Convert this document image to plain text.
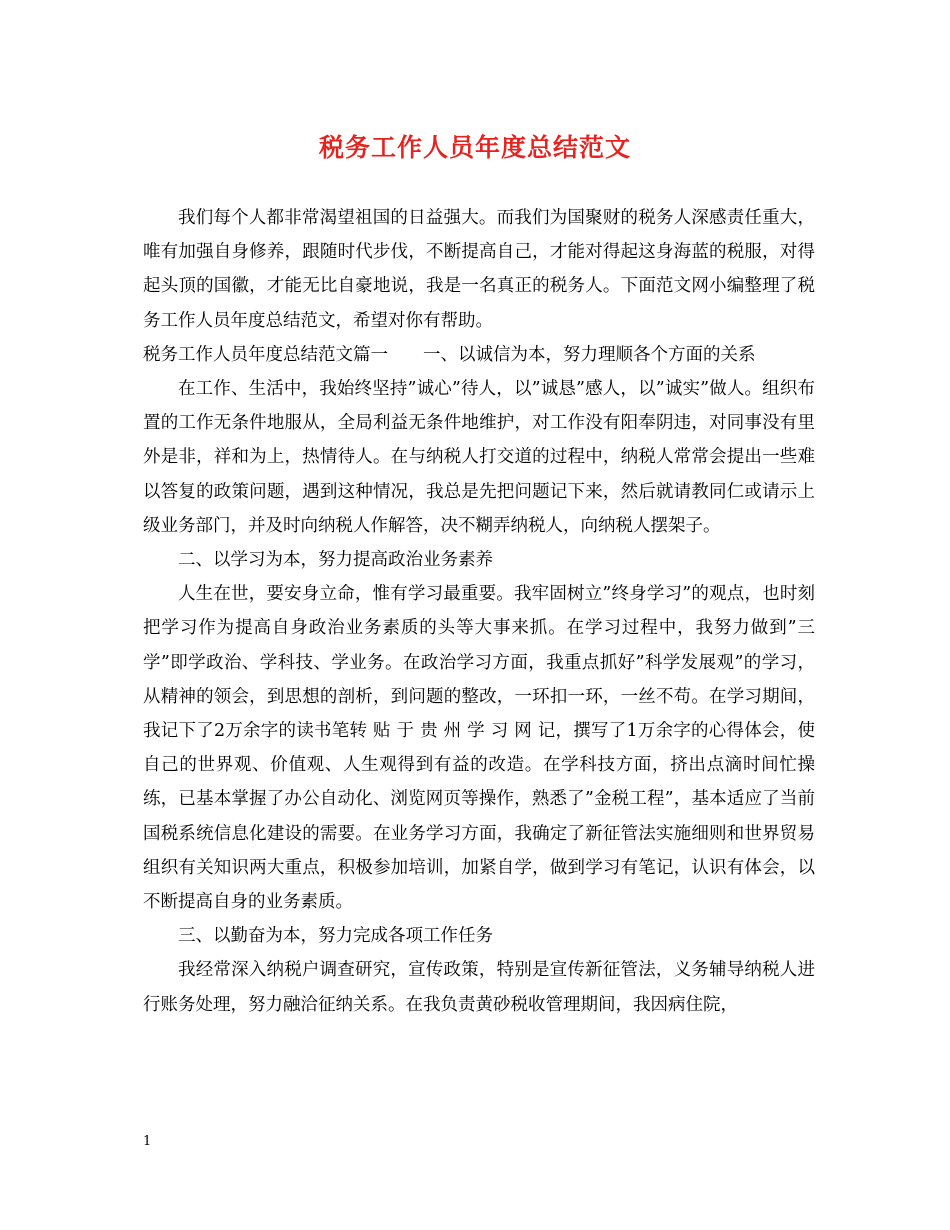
税务工作人员年度总结范文

我们每个人都非常渴望祖国的日益强大。而我们为国聚财的税务人深感责任重大，唯有加强自身修养，跟随时代步伐，不断提高自己，才能对得起这身海蓝的税服，对得起头顶的国徽，才能无比自豪地说，我是一名真正的税务人。下面范文网小编整理了税务工作人员年度总结范文，希望对你有帮助。

税务工作人员年度总结范文篇一　　一、以诚信为本，努力理顺各个方面的关系

在工作、生活中，我始终坚持”诚心”待人，以”诚恳”感人，以”诚实”做人。组织布置的工作无条件地服从，全局利益无条件地维护，对工作没有阳奉阴违，对同事没有里外是非，祥和为上，热情待人。在与纳税人打交道的过程中，纳税人常常会提出一些难以答复的政策问题，遇到这种情况，我总是先把问题记下来，然后就请教同仁或请示上级业务部门，并及时向纳税人作解答，决不糊弄纳税人，向纳税人摆架子。

二、以学习为本，努力提高政治业务素养

人生在世，要安身立命，惟有学习最重要。我牢固树立”终身学习”的观点，也时刻把学习作为提高自身政治业务素质的头等大事来抓。在学习过程中，我努力做到”三学”即学政治、学科技、学业务。在政治学习方面，我重点抓好”科学发展观”的学习，从精神的领会，到思想的剖析，到问题的整改，一环扣一环，一丝不苟。在学习期间，我记下了2万余字的读书笔转 贴 于 贵 州 学 习 网 记，撰写了1万余字的心得体会，使自己的世界观、价值观、人生观得到有益的改造。在学科技方面，挤出点滴时间忙操练，已基本掌握了办公自动化、浏览网页等操作，熟悉了”金税工程”，基本适应了当前国税系统信息化建设的需要。在业务学习方面，我确定了新征管法实施细则和世界贸易组织有关知识两大重点，积极参加培训，加紧自学，做到学习有笔记，认识有体会，以不断提高自身的业务素质。

三、以勤奋为本，努力完成各项工作任务

我经常深入纳税户调查研究，宣传政策，特别是宣传新征管法，义务辅导纳税人进行账务处理，努力融洽征纳关系。在我负责黄砂税收管理期间，我因病住院，

1
